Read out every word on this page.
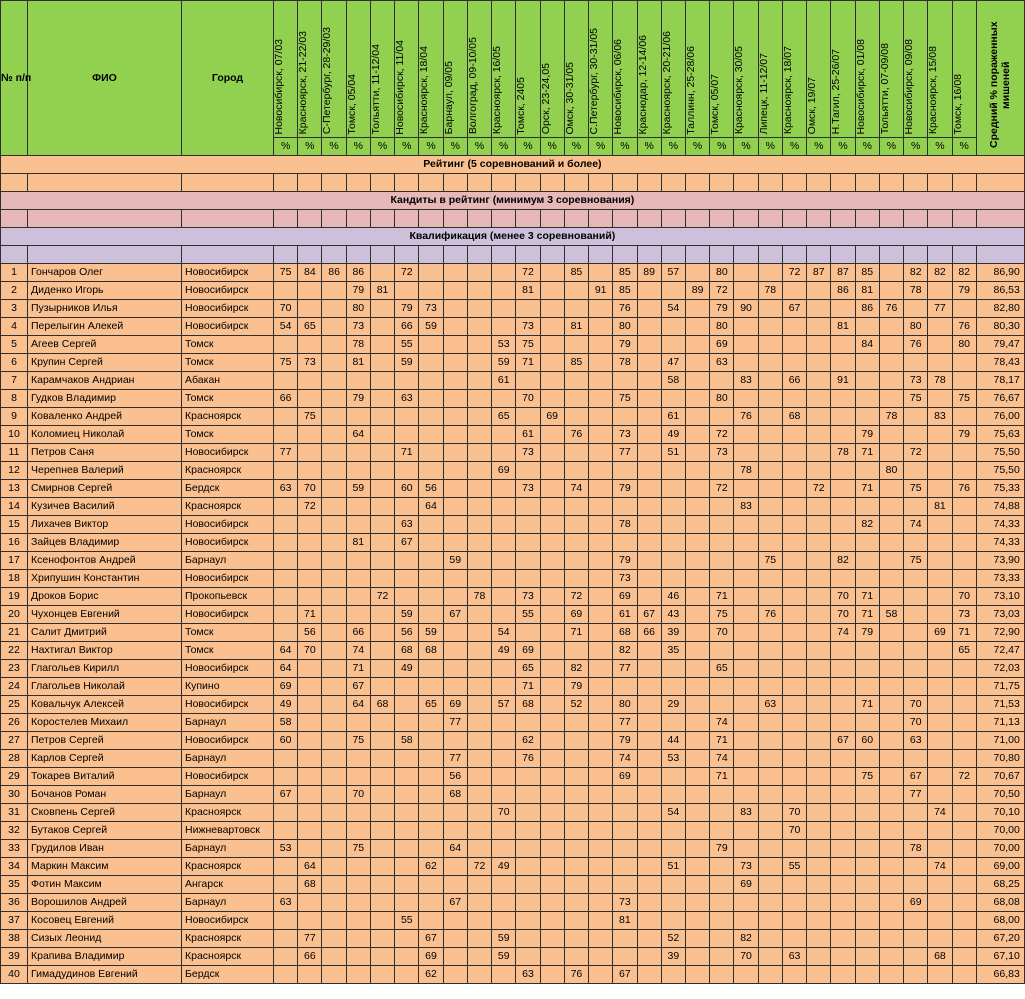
№ п/п	ФИО	Город	Новосибирск, 07/03	Красноярск, 21-22/03	С-Петербург, 28-29/03	Томск, 05/04	Тольятти, 11-12/04	Новосибирск, 11/04	Красноярск, 18/04	Барнаул, 09/05	Волгоград, 09-10/05	Красноярск, 16/05	Томск, 2405	Орск, 23-24,05	Омск, 30-31/05	С.Петербург, 30-31/05	Новосибирск, 06/06	Краснодар, 12-14/06	Красноярск, 20-21/06	Таллинн, 25-28/06	Томск, 05/07	Красноярск, 30/05	Липецк, 11-12/07	Красноярск, 18/07	Омск, 19/07	Н.Тагил, 25-26/07	Новосибирск, 01/08	Тольятти, 07-09/08	Новосибирск, 09/08	Красноярск, 15/08	Томск, 16/08	Средний % пораженных мишеней
			%	%	%	%	%	%	%	%	%	%	%	%	%	%	%	%	%	%	%	%	%	%	%	%	%	%	%	%	%	
Рейтинг (5 соревнований и более)																																

Кандиты в рейтинг (минимум 3 соревнования)																																

Квалификация (менее 3 соревнований)																																

1	Гончаров Олег	Новосибирск	75	84	86	86		72					72		85		85	89	57		80			72	87	87	85		82	82	82	86,90
2	Диденко Игорь	Новосибирск				79	81						81			91	85			89	72		78			86	81		78		79	86,53
3	Пузырников Илья	Новосибирск	70			80		79	73								76		54		79	90		67			86	76		77		82,80
4	Перелыгин Алекей	Новосибирск	54	65		73		66	59				73		81		80				80					81			80		76	80,30
5	Агеев Сергей	Томск				78		55				53	75				79				69						84		76		80	79,47
6	Крупин Сергей	Томск	75	73		81		59				59	71		85		78		47		63											78,43
7	Карамчаков Андриан	Абакан										61							58			83		66		91			73	78		78,17
8	Гудков Владимир	Томск	66			79		63					70				75				80								75		75	76,67
9	Коваленко Андрей	Красноярск		75								65		69					61			76		68				78		83		76,00
10	Коломиец Николай	Томск				64							61		76		73		49		72						79				79	75,63
11	Петров Саня	Новосибирск	77					71					73				77		51		73					78	71		72			75,50
12	Черепнев Валерий	Красноярск										69										78						80				75,50
13	Смирнов Сергей	Бердск	63	70		59		60	56				73		74		79				72				72		71		75		76	75,33
14	Кузичев Василий	Красноярск		72					64													83								81		74,88
15	Лихачев Виктор	Новосибирск						63									78										82		74			74,33
16	Зайцев Владимир	Новосибирск				81		67																								74,33
17	Ксенофонтов Андрей	Барнаул								59							79						75			82			75			73,90
18	Хрипушин Константин	Новосибирск															73															73,33
19	Дроков Борис	Прокопьевск					72				78		73		72		69		46		71					70	71				70	73,10
20	Чухонцев Евгений	Новосибирск		71				59		67			55		69		61	67	43		75		76			70	71	58			73	73,03
21	Салит Дмитрий	Томск		56		66		56	59			54			71		68	66	39		70					74	79			69	71	72,90
22	Нахтигал Виктор	Томск	64	70		74		68	68			49	69				82		35												65	72,47
23	Глагольев Кирилл	Новосибирск	64			71		49					65		82		77				65											72,03
24	Глагольев Николай	Купино	69			67							71		79																	71,75
25	Ковальчук Алексей	Новосибирск	49			64	68		65	69		57	68		52		80		29				63				71		70			71,53
26	Коростелев Михаил	Барнаул	58							77							77				74								70			71,13
27	Петров Сергей	Новосибирск	60			75		58					62				79		44		71					67	60		63			71,00
28	Карлов Сергей	Барнаул								77			76				74		53		74											70,80
29	Токарев Виталий	Новосибирск								56							69				71						75		67		72	70,67
30	Бочанов Роман	Барнаул	67			70				68																			77			70,50
31	Сковпень Сергей	Красноярск										70							54			83		70						74		70,10
32	Бутаков Сергей	Нижневартовск																						70								70,00
33	Грудилов Иван	Барнаул	53			75				64											79								78			70,00
34	Маркин Максим	Красноярск		64					62		72	49							51			73		55						74		69,00
35	Фотин Максим	Ангарск		68																		69										68,25
36	Ворошилов Андрей	Барнаул	63							67							73												69			68,08
37	Косовец Евгений	Новосибирск						55									81															68,00
38	Сизых Леонид	Красноярск		77					67			59							52			82										67,20
39	Крапива Владимир	Красноярск		66					69			59							39			70		63						68		67,10
40	Гимадудинов Евгений	Бердск							62				63		76		67															66,83
